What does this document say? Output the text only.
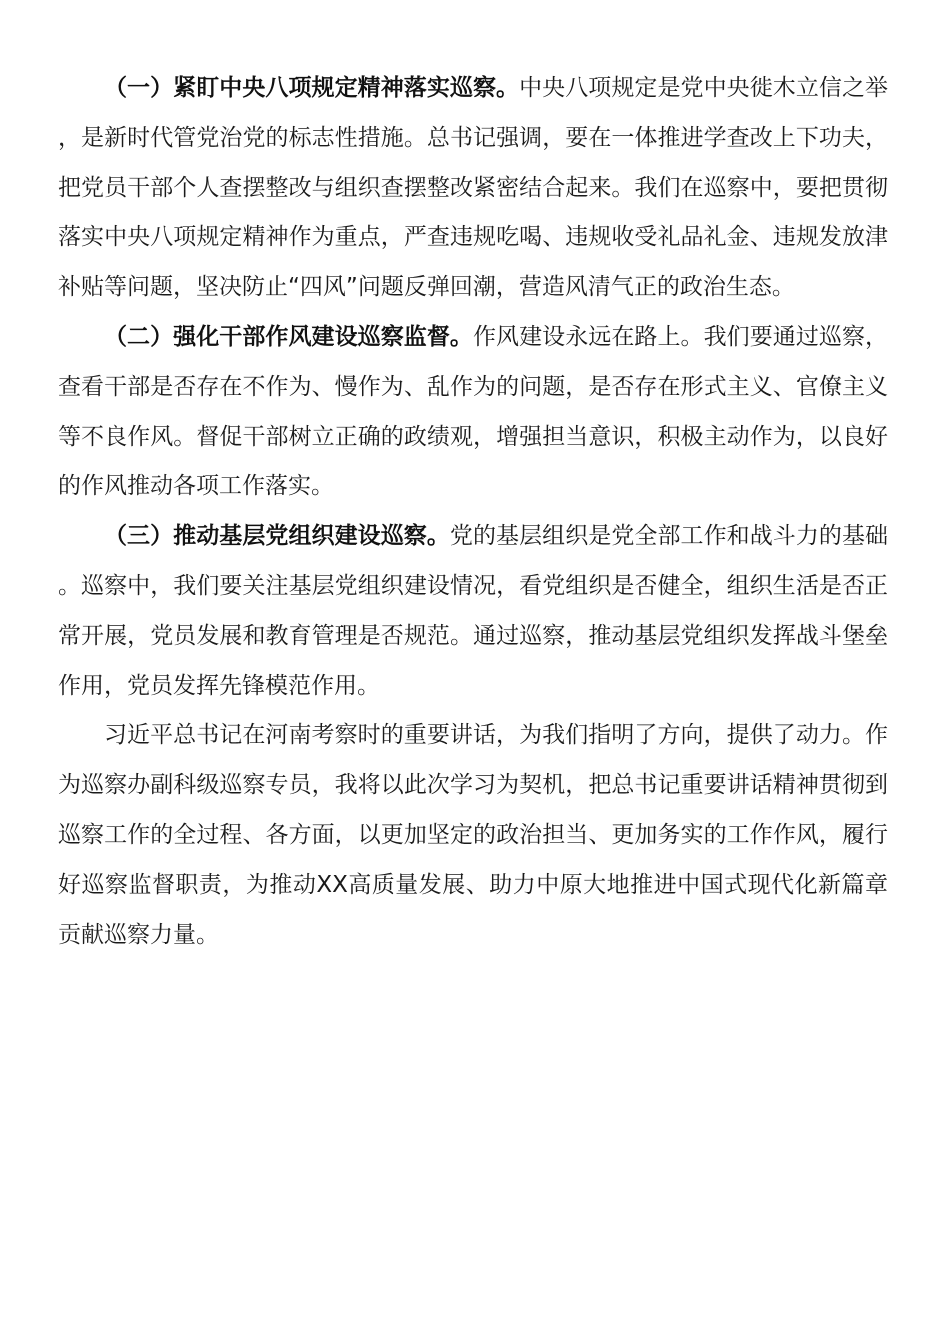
（一）紧盯中央八项规定精神落实巡察。中央八项规定是党中央徙木立信之举，是新时代管党治党的标志性措施。总书记强调，要在一体推进学查改上下功夫，把党员干部个人查摆整改与组织查摆整改紧密结合起来。我们在巡察中，要把贯彻落实中央八项规定精神作为重点，严查违规吃喝、违规收受礼品礼金、违规发放津补贴等问题，坚决防止“四风”问题反弹回潮，营造风清气正的政治生态。

（二）强化干部作风建设巡察监督。作风建设永远在路上。我们要通过巡察，查看干部是否存在不作为、慢作为、乱作为的问题，是否存在形式主义、官僚主义等不良作风。督促干部树立正确的政绩观，增强担当意识，积极主动作为，以良好的作风推动各项工作落实。

（三）推动基层党组织建设巡察。党的基层组织是党全部工作和战斗力的基础。巡察中，我们要关注基层党组织建设情况，看党组织是否健全，组织生活是否正常开展，党员发展和教育管理是否规范。通过巡察，推动基层党组织发挥战斗堡垒作用，党员发挥先锋模范作用。

习近平总书记在河南考察时的重要讲话，为我们指明了方向，提供了动力。作为巡察办副科级巡察专员，我将以此次学习为契机，把总书记重要讲话精神贯彻到巡察工作的全过程、各方面，以更加坚定的政治担当、更加务实的工作作风，履行好巡察监督职责，为推动XX高质量发展、助力中原大地推进中国式现代化新篇章贡献巡察力量。
